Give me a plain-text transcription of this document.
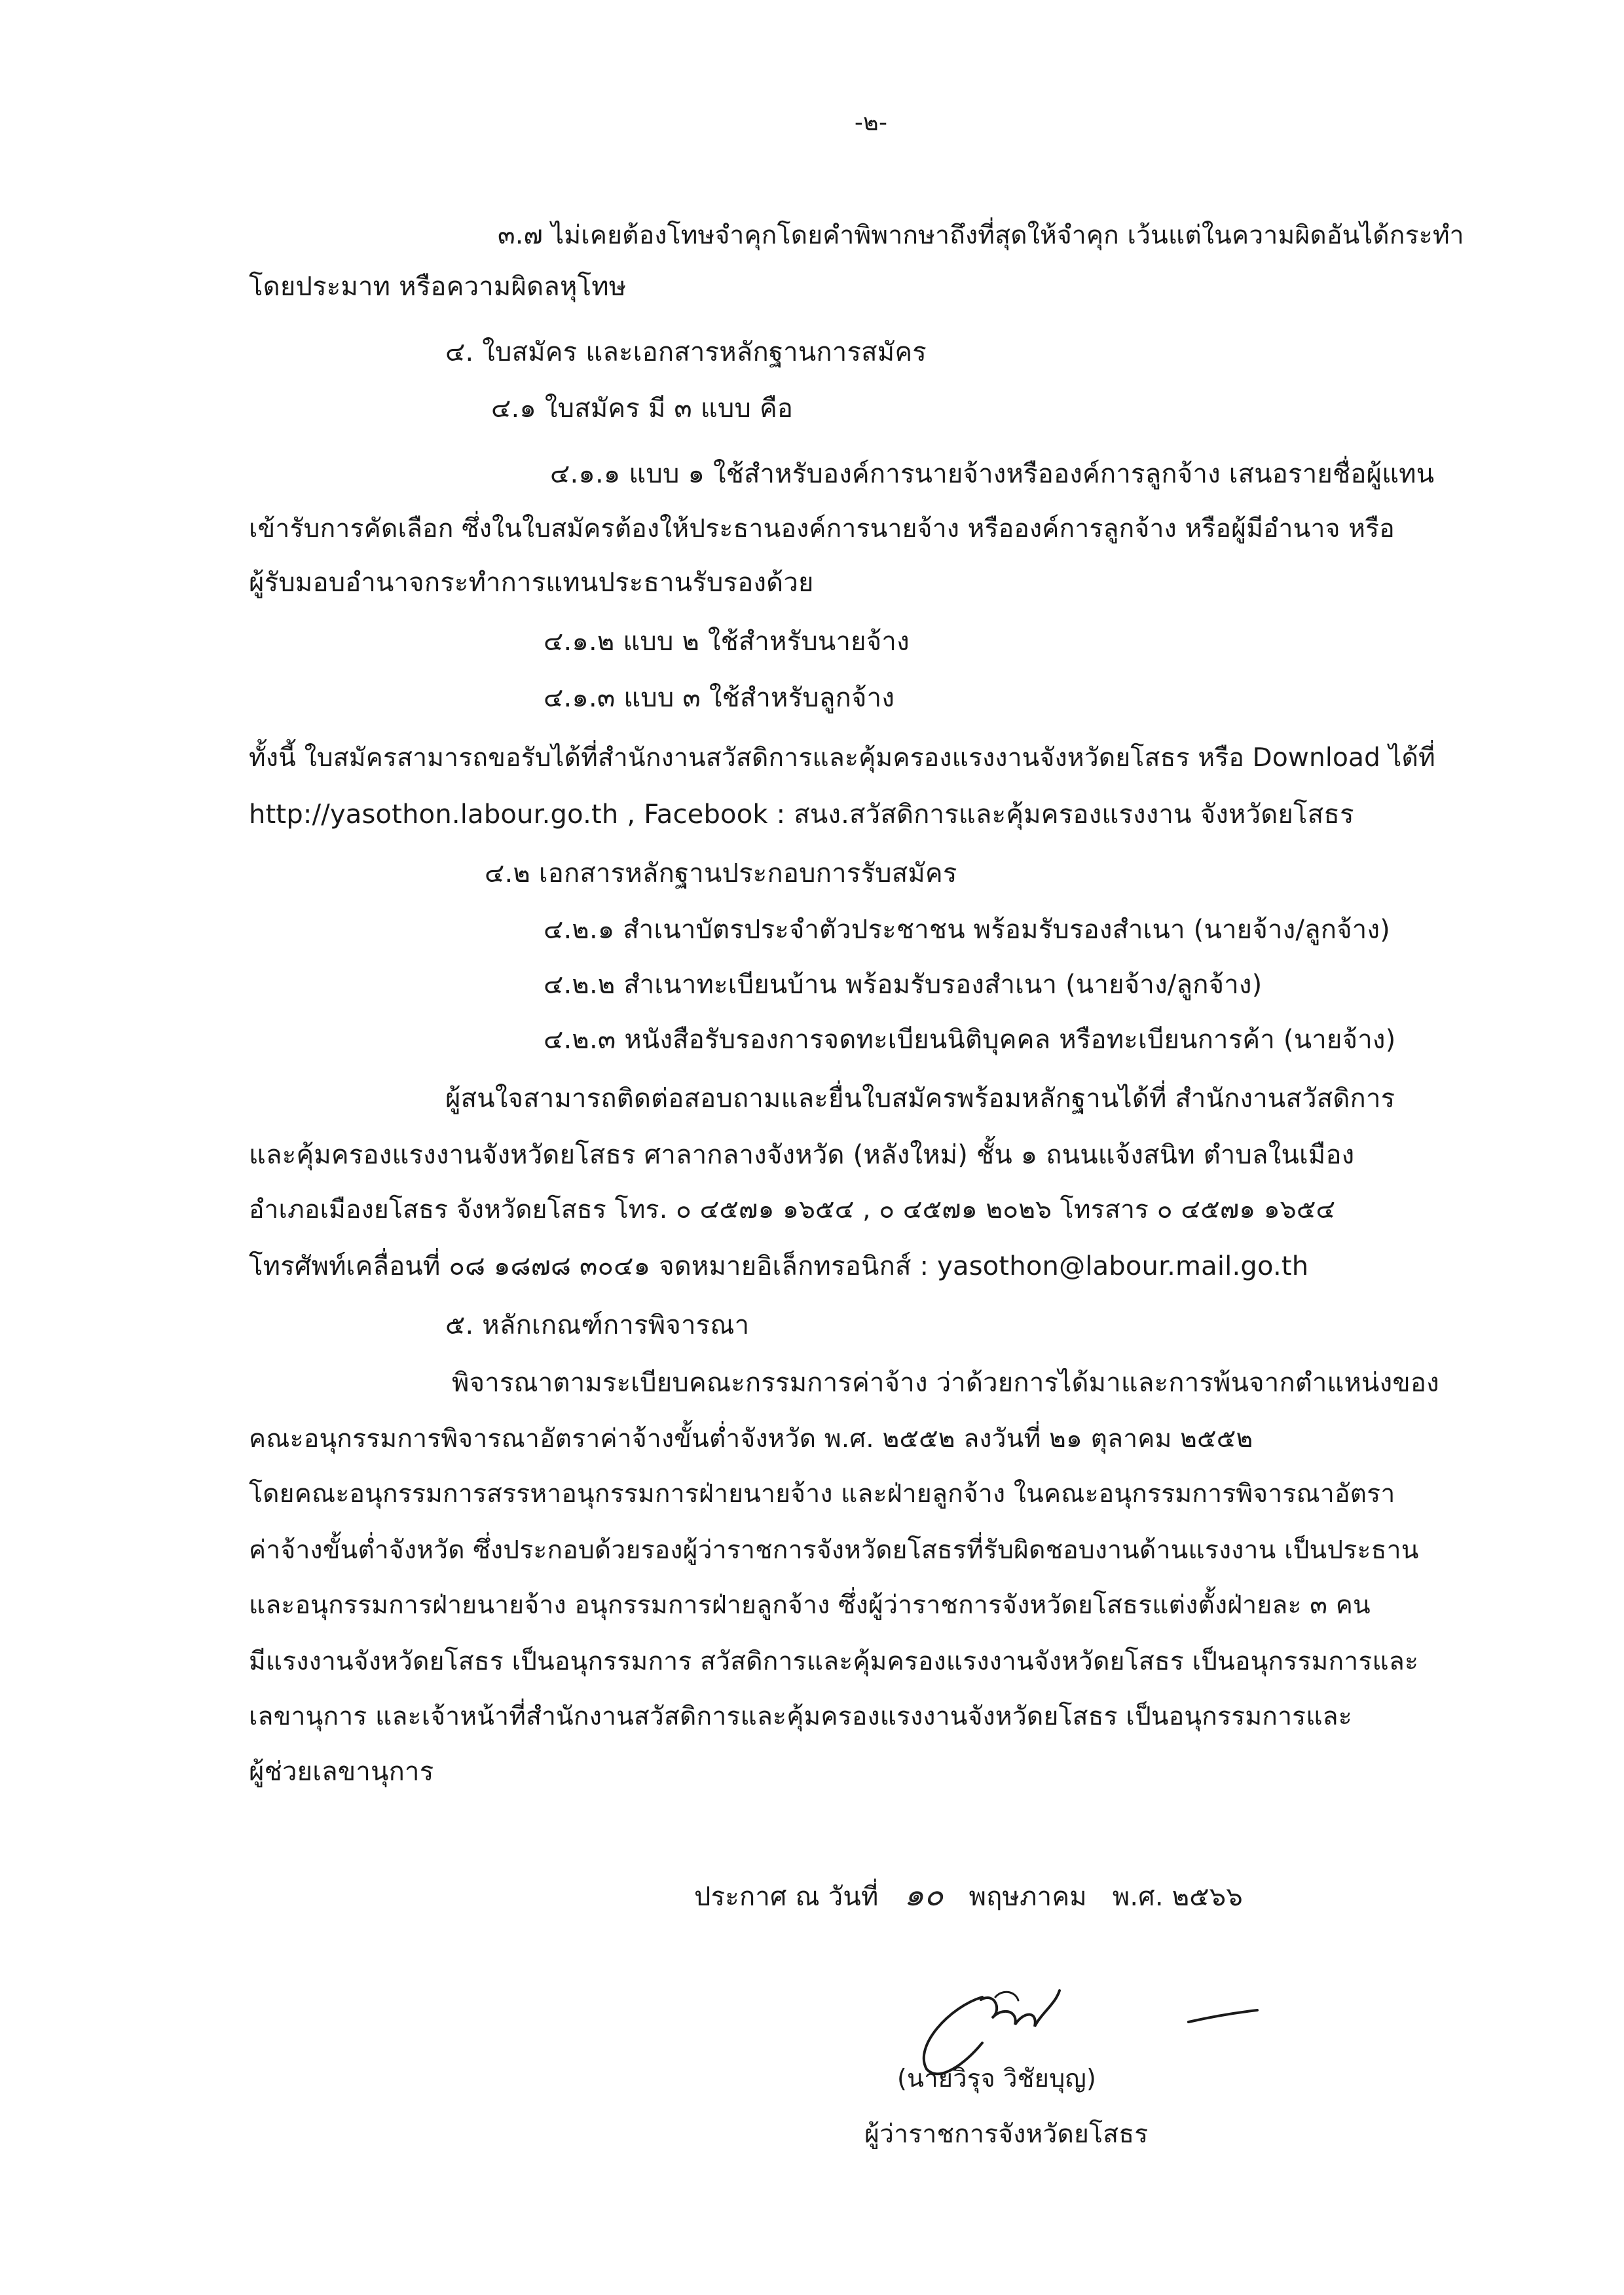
-๒-
๓.๗ ไม่เคยต้องโทษจำคุกโดยคำพิพากษาถึงที่สุดให้จำคุก เว้นแต่ในความผิดอันได้กระทำ
โดยประมาท หรือความผิดลหุโทษ
๔. ใบสมัคร และเอกสารหลักฐานการสมัคร
๔.๑ ใบสมัคร มี ๓ แบบ คือ
๔.๑.๑ แบบ ๑ ใช้สำหรับองค์การนายจ้างหรือองค์การลูกจ้าง เสนอรายชื่อผู้แทน
เข้ารับการคัดเลือก ซึ่งในใบสมัครต้องให้ประธานองค์การนายจ้าง หรือองค์การลูกจ้าง หรือผู้มีอำนาจ หรือ
ผู้รับมอบอำนาจกระทำการแทนประธานรับรองด้วย
๔.๑.๒ แบบ ๒ ใช้สำหรับนายจ้าง
๔.๑.๓ แบบ ๓ ใช้สำหรับลูกจ้าง
ทั้งนี้ ใบสมัครสามารถขอรับได้ที่สำนักงานสวัสดิการและคุ้มครองแรงงานจังหวัดยโสธร หรือ Download ได้ที่
http://yasothon.labour.go.th , Facebook : สนง.สวัสดิการและคุ้มครองแรงงาน จังหวัดยโสธร
๔.๒ เอกสารหลักฐานประกอบการรับสมัคร
๔.๒.๑ สำเนาบัตรประจำตัวประชาชน พร้อมรับรองสำเนา (นายจ้าง/ลูกจ้าง)
๔.๒.๒ สำเนาทะเบียนบ้าน พร้อมรับรองสำเนา (นายจ้าง/ลูกจ้าง)
๔.๒.๓ หนังสือรับรองการจดทะเบียนนิติบุคคล หรือทะเบียนการค้า (นายจ้าง)
ผู้สนใจสามารถติดต่อสอบถามและยื่นใบสมัครพร้อมหลักฐานได้ที่ สำนักงานสวัสดิการ
และคุ้มครองแรงงานจังหวัดยโสธร ศาลากลางจังหวัด (หลังใหม่) ชั้น ๑ ถนนแจ้งสนิท ตำบลในเมือง
อำเภอเมืองยโสธร จังหวัดยโสธร โทร. ๐ ๔๕๗๑ ๑๖๕๔ , ๐ ๔๕๗๑ ๒๐๒๖ โทรสาร ๐ ๔๕๗๑ ๑๖๕๔
โทรศัพท์เคลื่อนที่ ๐๘ ๑๘๗๘ ๓๐๔๑ จดหมายอิเล็กทรอนิกส์ : yasothon@labour.mail.go.th
๕. หลักเกณฑ์การพิจารณา
พิจารณาตามระเบียบคณะกรรมการค่าจ้าง ว่าด้วยการได้มาและการพ้นจากตำแหน่งของ
คณะอนุกรรมการพิจารณาอัตราค่าจ้างขั้นต่ำจังหวัด พ.ศ. ๒๕๕๒ ลงวันที่ ๒๑ ตุลาคม ๒๕๕๒
โดยคณะอนุกรรมการสรรหาอนุกรรมการฝ่ายนายจ้าง และฝ่ายลูกจ้าง ในคณะอนุกรรมการพิจารณาอัตรา
ค่าจ้างขั้นต่ำจังหวัด ซึ่งประกอบด้วยรองผู้ว่าราชการจังหวัดยโสธรที่รับผิดชอบงานด้านแรงงาน เป็นประธาน
และอนุกรรมการฝ่ายนายจ้าง อนุกรรมการฝ่ายลูกจ้าง ซึ่งผู้ว่าราชการจังหวัดยโสธรแต่งตั้งฝ่ายละ ๓ คน
มีแรงงานจังหวัดยโสธร เป็นอนุกรรมการ สวัสดิการและคุ้มครองแรงงานจังหวัดยโสธร เป็นอนุกรรมการและ
เลขานุการ และเจ้าหน้าที่สำนักงานสวัสดิการและคุ้มครองแรงงานจังหวัดยโสธร เป็นอนุกรรมการและ
ผู้ช่วยเลขานุการ
ประกาศ ณ วันที่ ๑๐ พฤษภาคม พ.ศ. ๒๕๖๖
(นายวิรุจ วิชัยบุญ)
ผู้ว่าราชการจังหวัดยโสธร
